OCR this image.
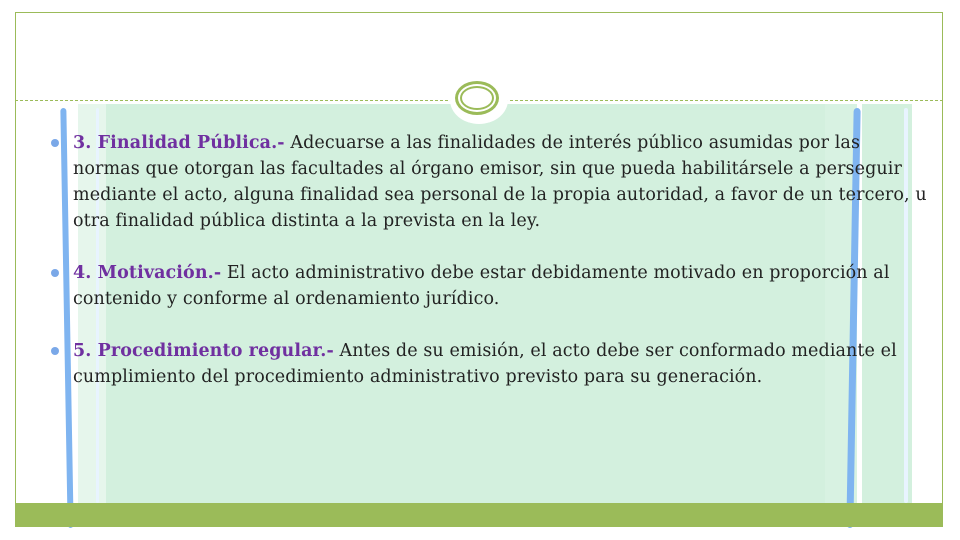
3. Finalidad Pública.- Adecuarse a las finalidades de interés público asumidas por las normas que otorgan las facultades al órgano emisor, sin que pueda habilitársele a perseguir mediante el acto, alguna finalidad sea personal de la propia autoridad, a favor de un tercero, u otra finalidad pública distinta a la prevista en la ley.
4. Motivación.- El acto administrativo debe estar debidamente motivado en proporción al contenido y conforme al ordenamiento jurídico.
5. Procedimiento regular.- Antes de su emisión, el acto debe ser conformado mediante el cumplimiento del procedimiento administrativo previsto para su generación.
